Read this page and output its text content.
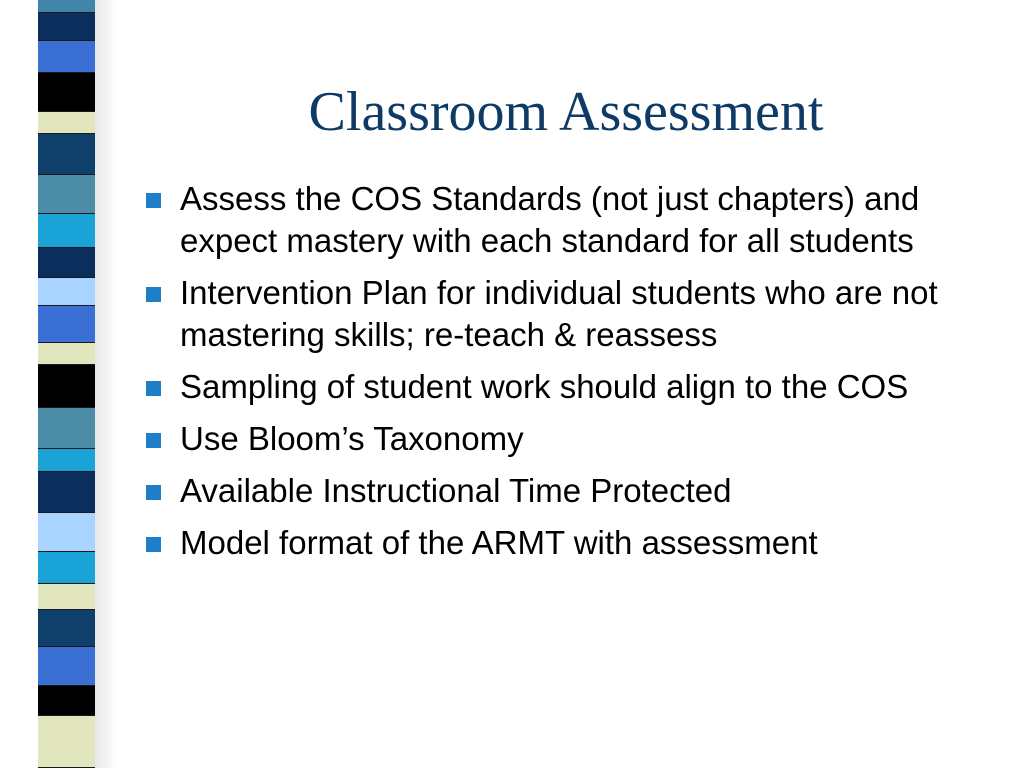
Classroom Assessment
Assess the COS Standards (not just chapters) and expect mastery with each standard for all students
Intervention Plan for individual students who are not mastering skills; re-teach & reassess
Sampling of student work should align to the COS
Use Bloom’s Taxonomy
Available Instructional Time Protected
Model format of the ARMT with assessment
